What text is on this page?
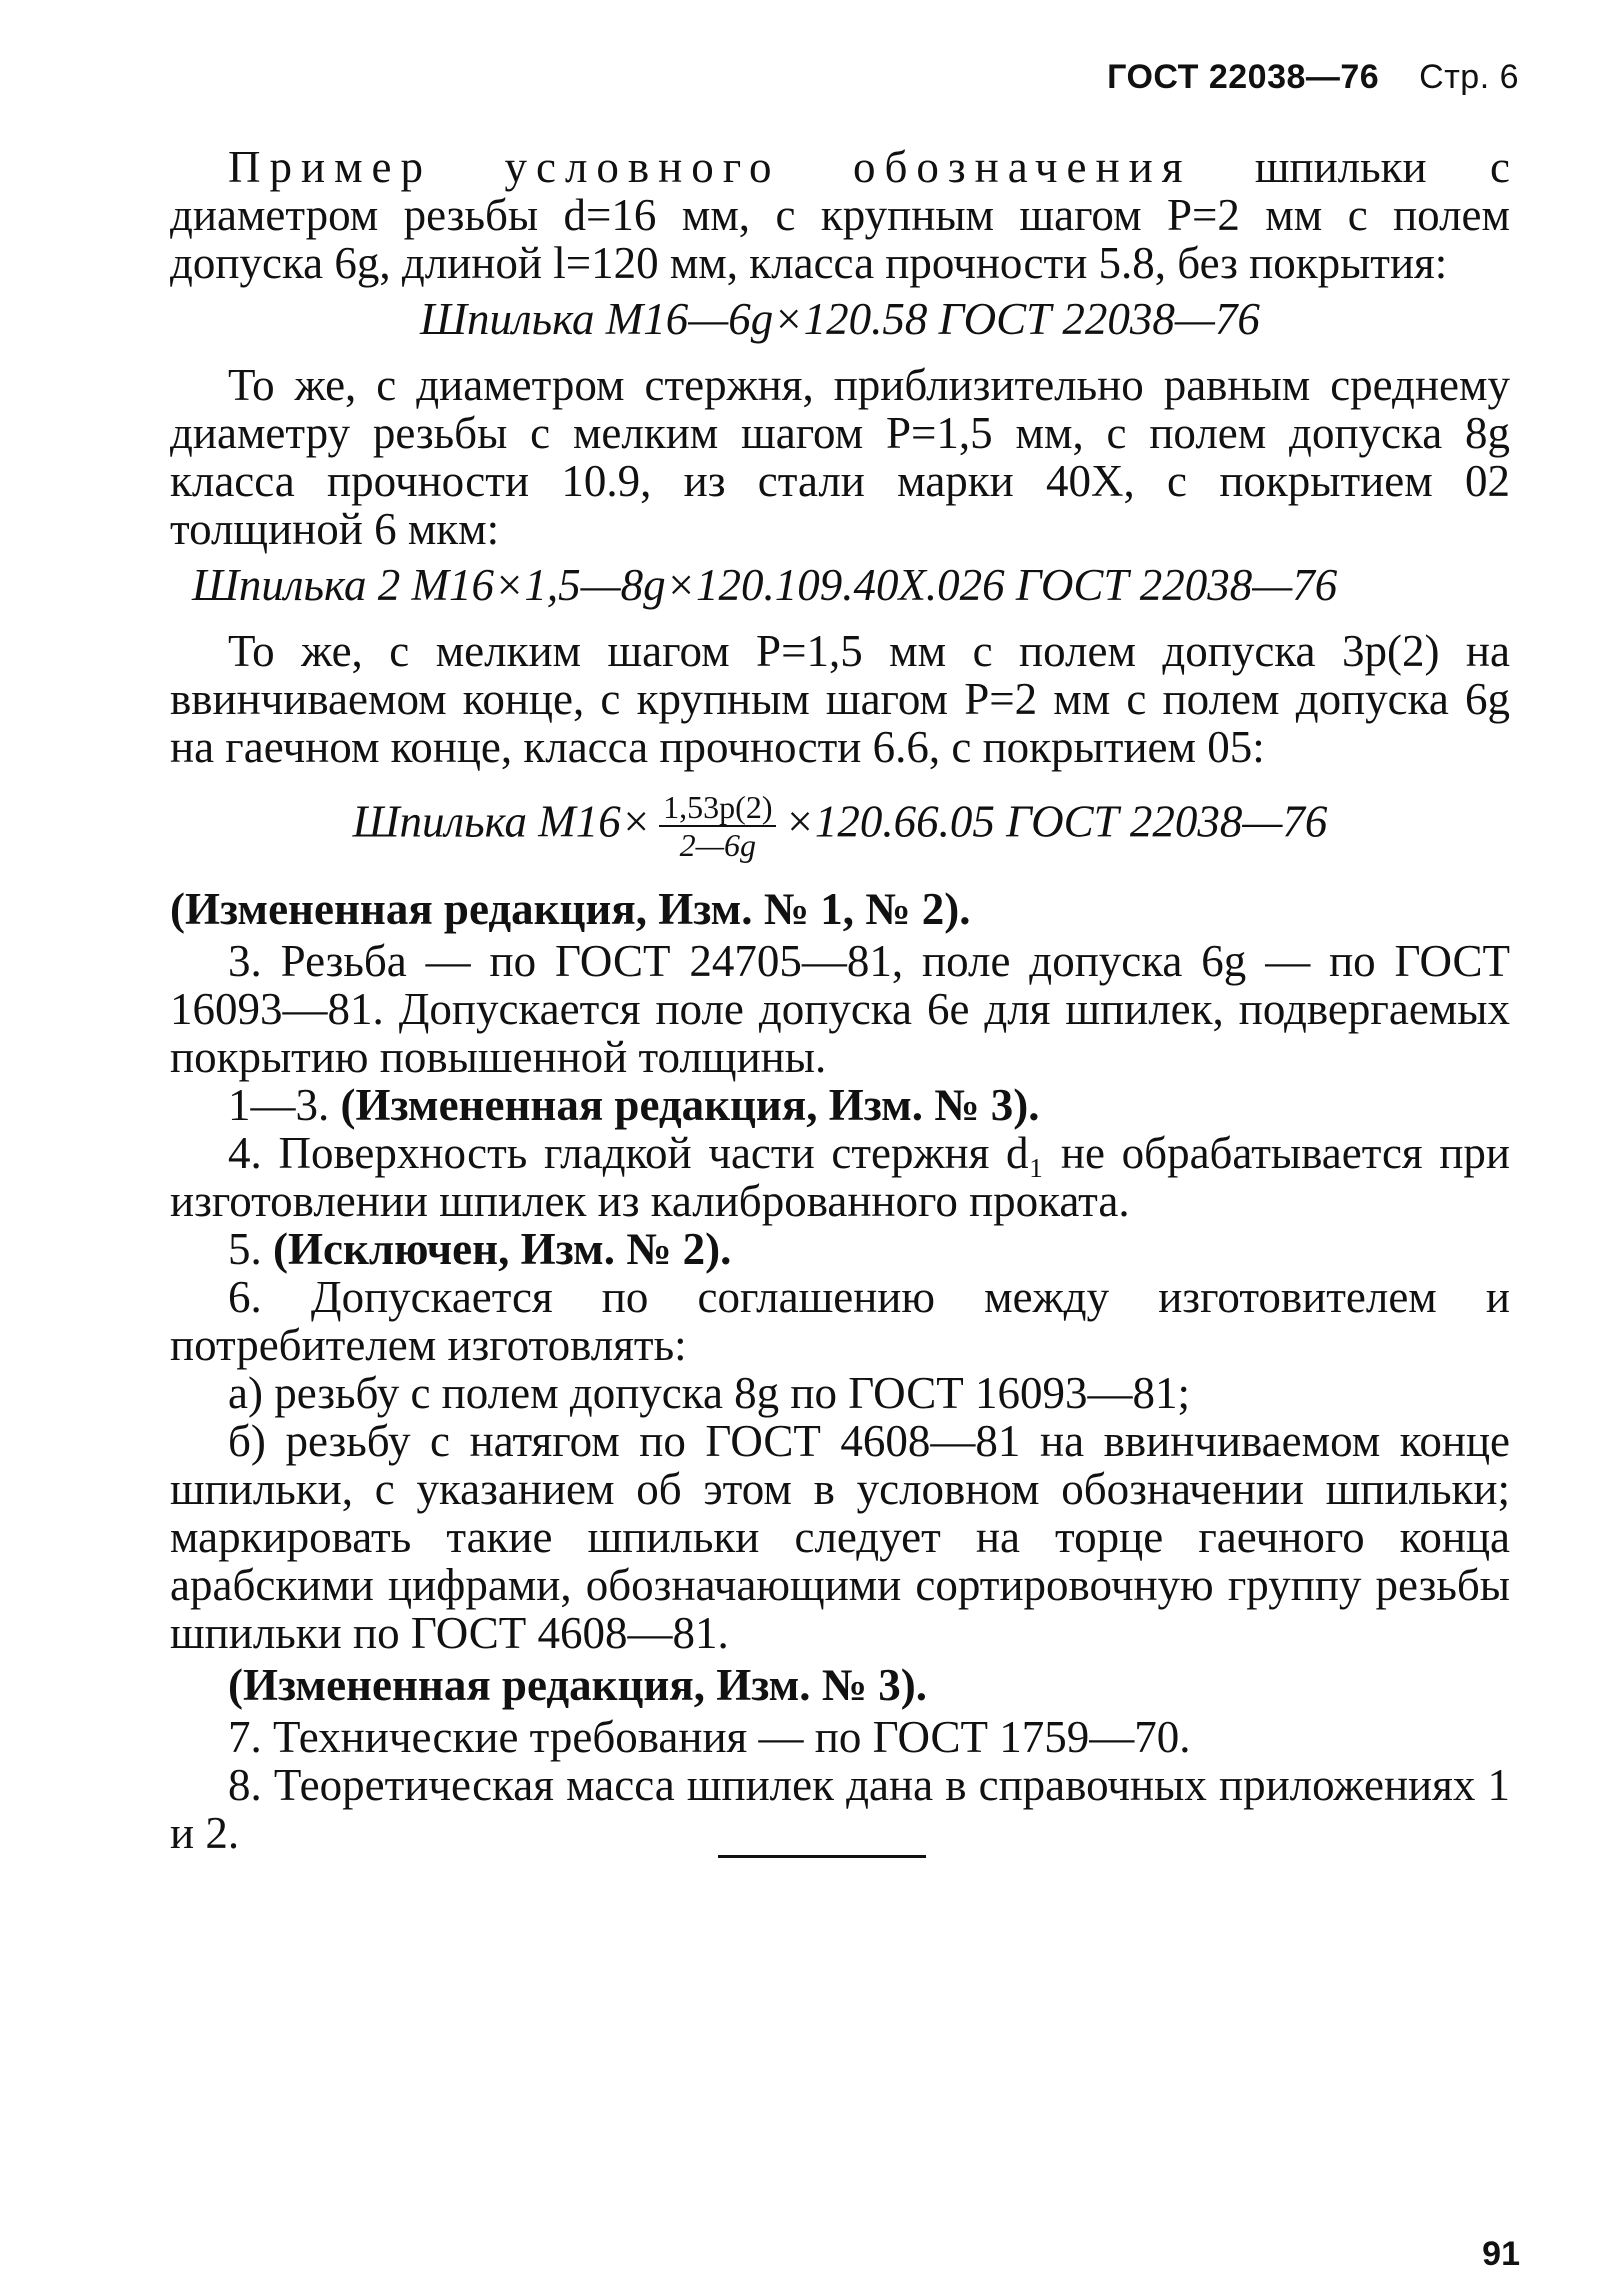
ГОСТ 22038—76 Стр. 6

Пример условного обозначения шпильки с диаметром резьбы d=16 мм, с крупным шагом P=2 мм с полем допуска 6g, длиной l=120 мм, класса прочности 5.8, без покрытия:

Шпилька М16—6g×120.58 ГОСТ 22038—76

То же, с диаметром стержня, приблизительно равным среднему диаметру резьбы с мелким шагом P=1,5 мм, с полем допуска 8g класса прочности 10.9, из стали марки 40Х, с покрытием 02 толщиной 6 мкм:

Шпилька 2 М16×1,5—8g×120.109.40Х.026 ГОСТ 22038—76

То же, с мелким шагом P=1,5 мм с полем допуска 3p(2) на ввинчиваемом конце, с крупным шагом P=2 мм с полем допуска 6g на гаечном конце, класса прочности 6.6, с покрытием 05:

Шпилька $М16\times \frac{1,53p(2)}{2—6g} \times 120.66.05$ ГОСТ 22038—76

(Измененная редакция, Изм. № 1, № 2).

3. Резьба — по ГОСТ 24705—81, поле допуска 6g — по ГОСТ 16093—81. Допускается поле допуска 6е для шпилек, подвергаемых покрытию повышенной толщины.

1—3. (Измененная редакция, Изм. № 3).

4. Поверхность гладкой части стержня d₁ не обрабатывается при изготовлении шпилек из калиброванного проката.

5. (Исключен, Изм. № 2).

6. Допускается по соглашению между изготовителем и потребителем изготовлять:

а) резьбу с полем допуска 8g по ГОСТ 16093—81;

б) резьбу с натягом по ГОСТ 4608—81 на ввинчиваемом конце шпильки, с указанием об этом в условном обозначении шпильки; маркировать такие шпильки следует на торце гаечного конца арабскими цифрами, обозначающими сортировочную группу резьбы шпильки по ГОСТ 4608—81.

(Измененная редакция, Изм. № 3).

7. Технические требования — по ГОСТ 1759—70.

8. Теоретическая масса шпилек дана в справочных приложениях 1 и 2.

91
